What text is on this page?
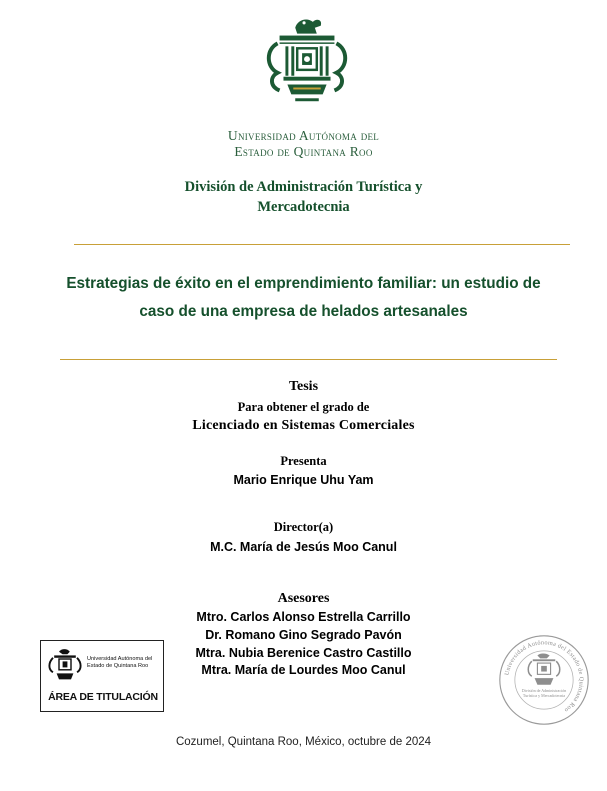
Universidad Autónoma del
Estado de Quintana Roo
División de Administración Turística y
Mercadotecnia
Estrategias de éxito en el emprendimiento familiar: un estudio de
caso de una empresa de helados artesanales
Tesis
Para obtener el grado de
Licenciado en Sistemas Comerciales
Presenta
Mario Enrique Uhu Yam
Director(a)
M.C. María de Jesús Moo Canul
Asesores
Mtro. Carlos Alonso Estrella Carrillo
Dr. Romano Gino Segrado Pavón
Mtra. Nubia Berenice Castro Castillo
Mtra. María de Lourdes Moo Canul
Universidad Autónoma del
Estado de Quintana Roo
ÁREA DE TITULACIÓN
Universidad Autónoma del Estado de Quintana Roo
División de Administración
Turística y Mercadotecnia
Cozumel, Quintana Roo, México, octubre de 2024
